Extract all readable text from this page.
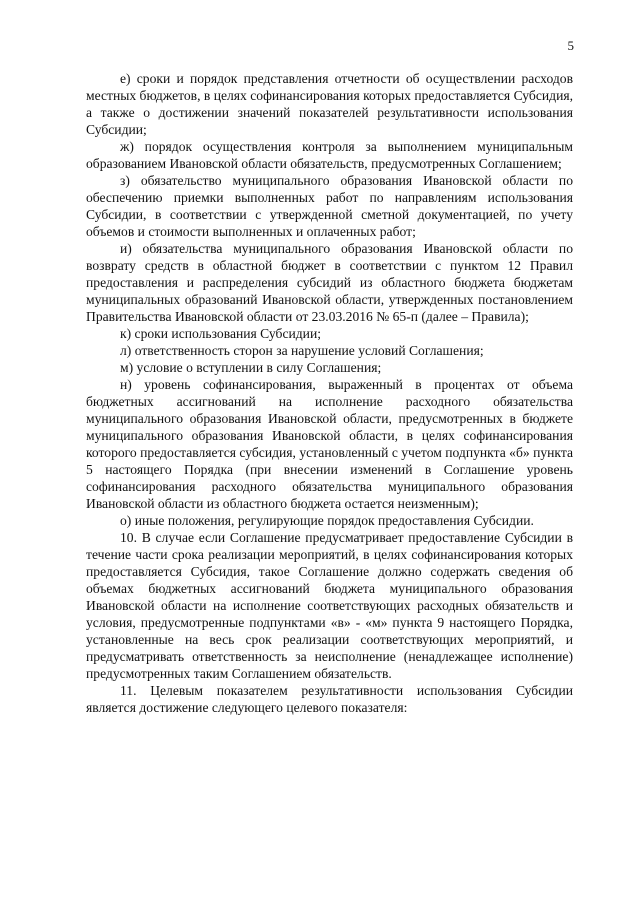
5

е) сроки и порядок представления отчетности об осуществлении расходов местных бюджетов, в целях софинансирования которых предоставляется Субсидия, а также о достижении значений показателей результативности использования Субсидии;

ж) порядок осуществления контроля за выполнением муниципальным образованием Ивановской области обязательств, предусмотренных Соглашением;

з) обязательство муниципального образования Ивановской области по обеспечению приемки выполненных работ по направлениям использования Субсидии, в соответствии с утвержденной сметной документацией, по учету объемов и стоимости выполненных и оплаченных работ;

и) обязательства муниципального образования Ивановской области по возврату средств в областной бюджет в соответствии с пунктом 12 Правил предоставления и распределения субсидий из областного бюджета бюджетам муниципальных образований Ивановской области, утвержденных постановлением Правительства Ивановской области от 23.03.2016 № 65-п (далее – Правила);

к) сроки использования Субсидии;

л) ответственность сторон за нарушение условий Соглашения;

м) условие о вступлении в силу Соглашения;

н) уровень софинансирования, выраженный в процентах от объема бюджетных ассигнований на исполнение расходного обязательства муниципального образования Ивановской области, предусмотренных в бюджете муниципального образования Ивановской области, в целях софинансирования которого предоставляется субсидия, установленный с учетом подпункта «б» пункта 5 настоящего Порядка (при внесении изменений в Соглашение уровень софинансирования расходного обязательства муниципального образования Ивановской области из областного бюджета остается неизменным);

о) иные положения, регулирующие порядок предоставления Субсидии.

10. В случае если Соглашение предусматривает предоставление Субсидии в течение части срока реализации мероприятий, в целях софинансирования которых предоставляется Субсидия, такое Соглашение должно содержать сведения об объемах бюджетных ассигнований бюджета муниципального образования Ивановской области на исполнение соответствующих расходных обязательств и условия, предусмотренные подпунктами «в» - «м» пункта 9 настоящего Порядка, установленные на весь срок реализации соответствующих мероприятий, и предусматривать ответственность за неисполнение (ненадлежащее исполнение) предусмотренных таким Соглашением обязательств.

11. Целевым показателем результативности использования Субсидии является достижение следующего целевого показателя:
